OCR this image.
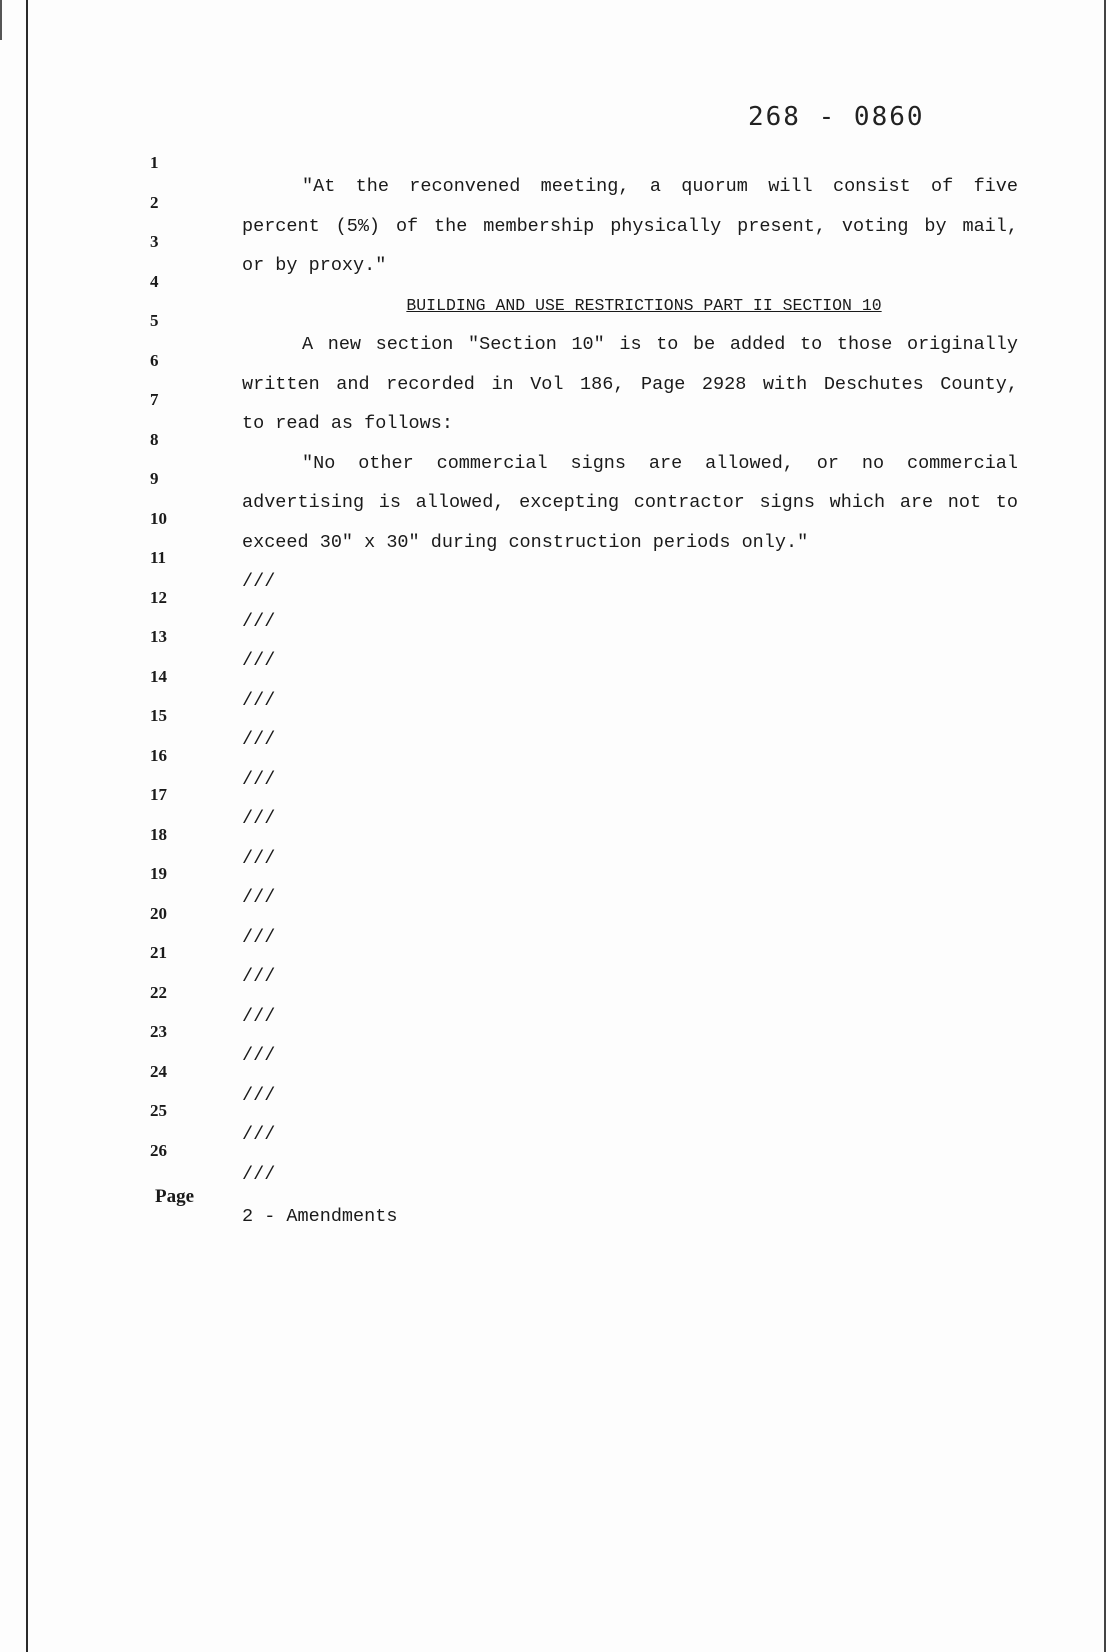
268 - 0860
1
2
3
4
5
6
7
8
9
10
11
12
13
14
15
16
17
18
19
20
21
22
23
24
25
26
"At the reconvened meeting, a quorum will consist of five
percent (5%) of the membership physically present, voting by mail,
or by proxy."
BUILDING AND USE RESTRICTIONS PART II SECTION 10
A new section "Section 10" is to be added to those originally
written and recorded in Vol 186, Page 2928 with Deschutes County,
to read as follows:
"No other commercial signs are allowed, or no commercial
advertising is allowed, excepting contractor signs which are not to
exceed 30" x 30" during construction periods only."
///
///
///
///
///
///
///
///
///
///
///
///
///
///
///
///
Page
2 - Amendments
